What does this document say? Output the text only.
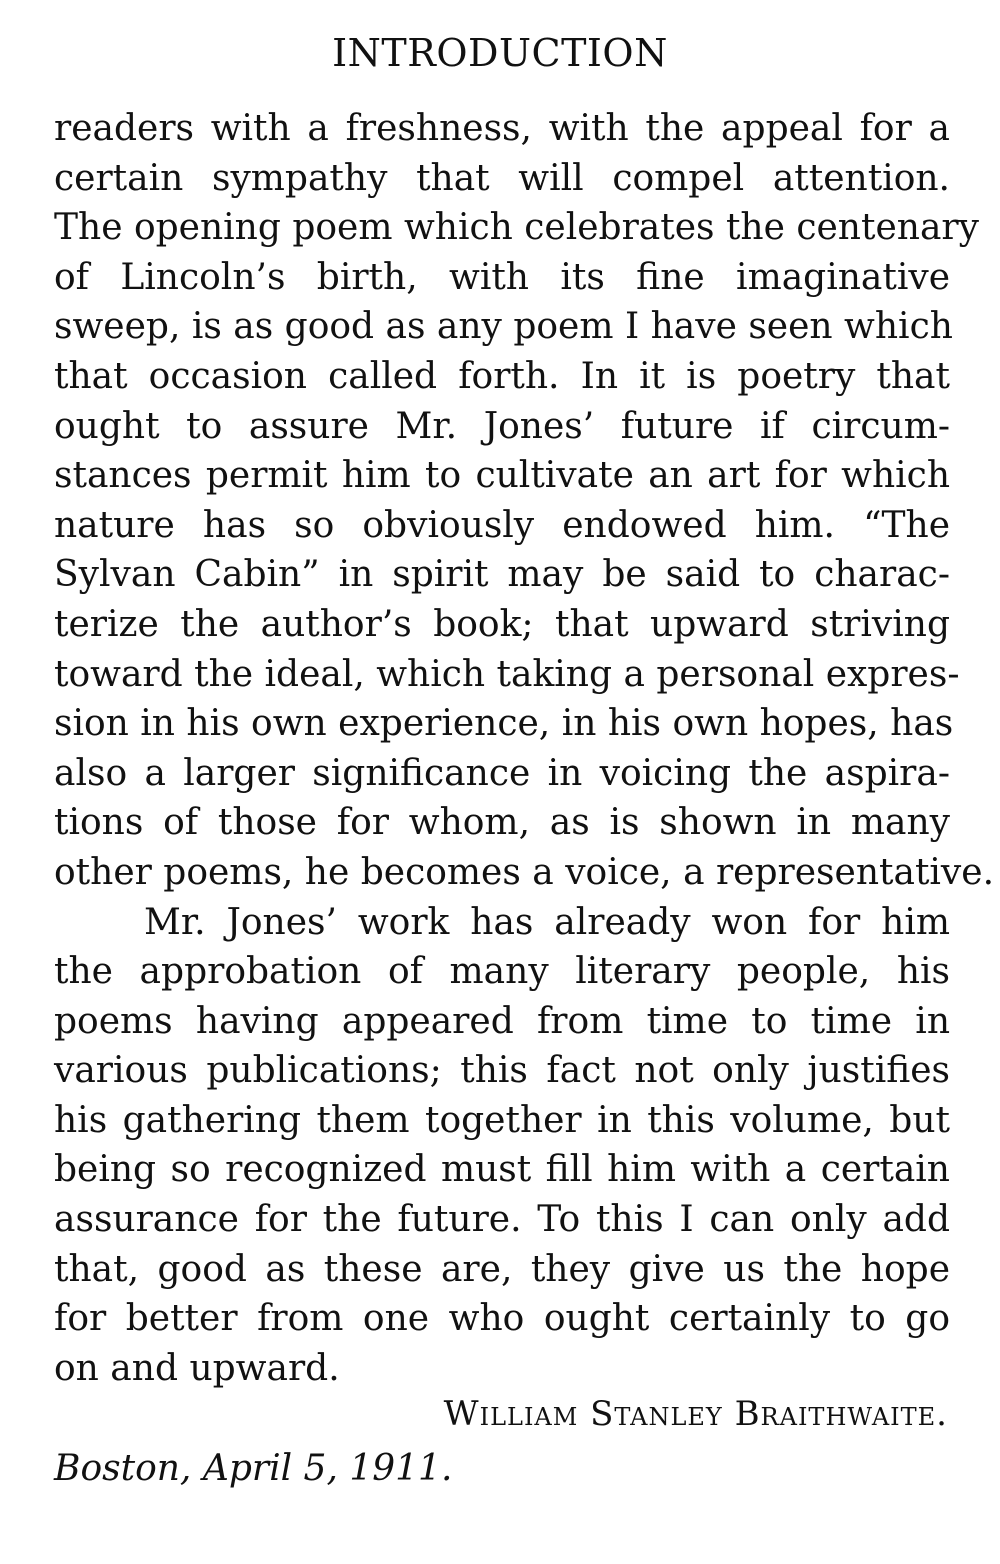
INTRODUCTION
readers with a freshness, with the appeal for a
certain sympathy that will compel attention.
The opening poem which celebrates the centenary
of Lincoln’s birth, with its fine imaginative
sweep, is as good as any poem I have seen which
that occasion called forth. In it is poetry that
ought to assure Mr. Jones’ future if circum-
stances permit him to cultivate an art for which
nature has so obviously endowed him. “The
Sylvan Cabin” in spirit may be said to charac-
terize the author’s book; that upward striving
toward the ideal, which taking a personal expres-
sion in his own experience, in his own hopes, has
also a larger significance in voicing the aspira-
tions of those for whom, as is shown in many
other poems, he becomes a voice, a representative.
Mr. Jones’ work has already won for him
the approbation of many literary people, his
poems having appeared from time to time in
various publications; this fact not only justifies
his gathering them together in this volume, but
being so recognized must fill him with a certain
assurance for the future. To this I can only add
that, good as these are, they give us the hope
for better from one who ought certainly to go
on and upward.
William Stanley Braithwaite.
Boston, April 5, 1911.
